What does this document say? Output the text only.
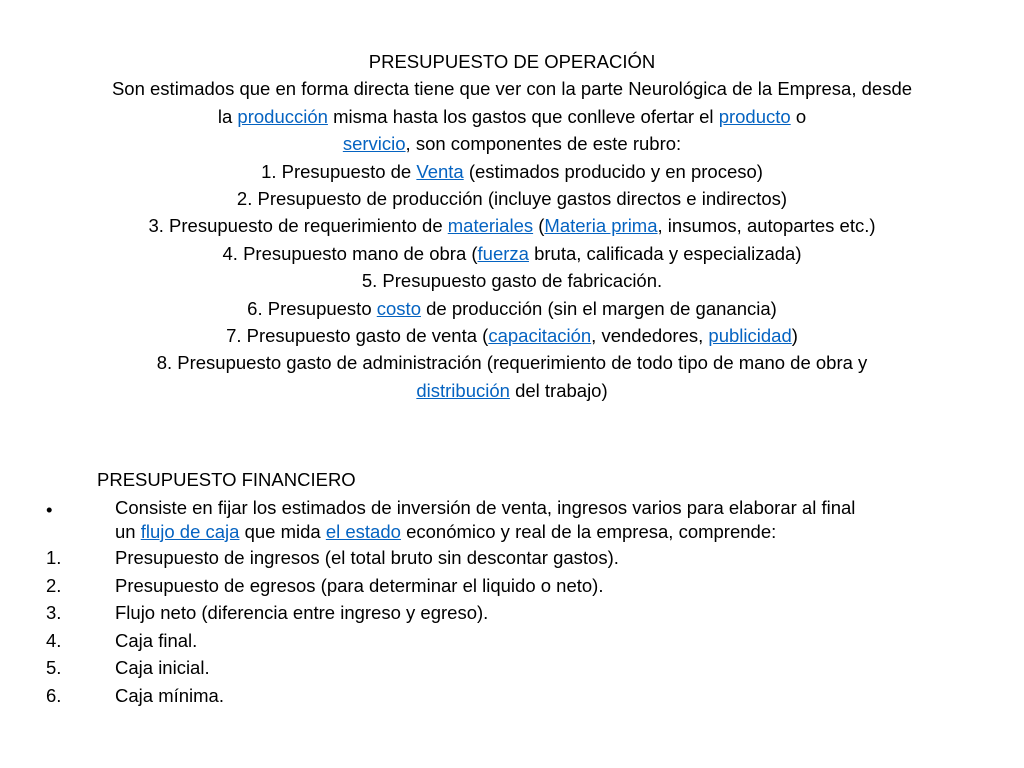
PRESUPUESTO DE OPERACIÓN
Son estimados que en forma directa tiene que ver con la parte Neurológica de la Empresa, desde
la producción misma hasta los gastos que conlleve ofertar el producto o
servicio, son componentes de este rubro:
1. Presupuesto de Venta (estimados producido y en proceso)
2. Presupuesto de producción (incluye gastos directos e indirectos)
3. Presupuesto de requerimiento de materiales (Materia prima, insumos, autopartes etc.)
4. Presupuesto mano de obra (fuerza bruta, calificada y especializada)
5. Presupuesto gasto de fabricación.
6. Presupuesto costo de producción (sin el margen de ganancia)
7. Presupuesto gasto de venta (capacitación, vendedores, publicidad)
8. Presupuesto gasto de administración (requerimiento de todo tipo de mano de obra y
distribución del trabajo)
PRESUPUESTO FINANCIERO
•	Consiste en fijar los estimados de inversión de venta, ingresos varios para elaborar al final
un flujo de caja que mida el estado económico y real de la empresa, comprende:
1.	Presupuesto de ingresos (el total bruto sin descontar gastos).
2.	Presupuesto de egresos (para determinar el liquido o neto).
3.	Flujo neto (diferencia entre ingreso y egreso).
4.	Caja final.
5.	Caja inicial.
6.	Caja mínima.
